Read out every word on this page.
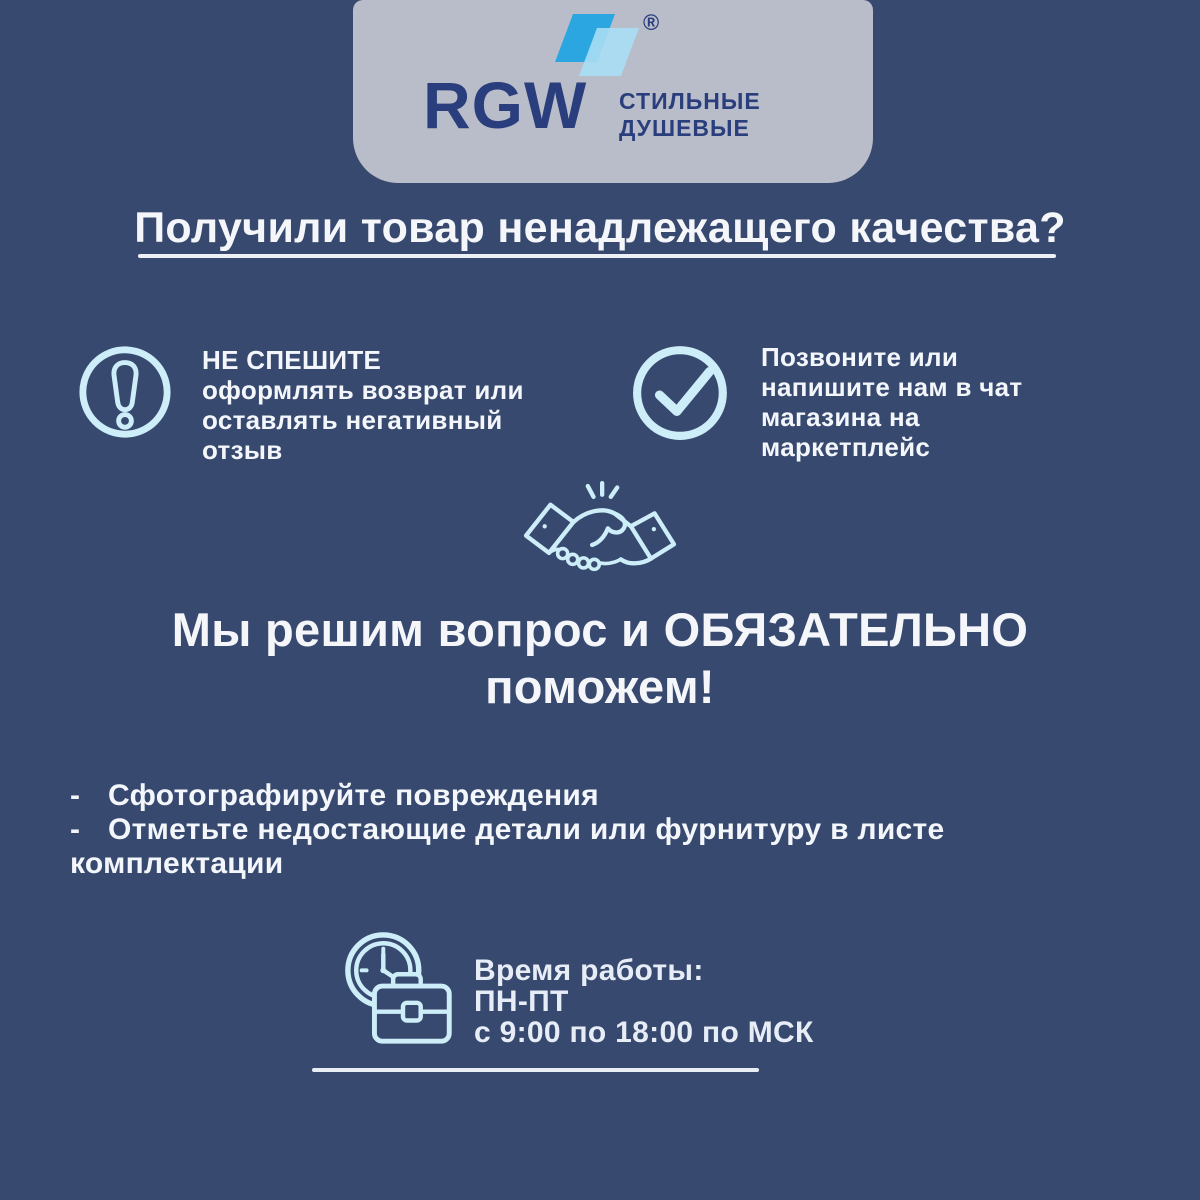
®
RGW СТИЛЬНЫЕ
ДУШЕВЫЕ
Получили товар ненадлежащего качества?
НЕ СПЕШИТЕ
оформлять возврат или
оставлять негативный
отзыв
Позвоните или
напишите нам в чат
магазина на
маркетплейс
Мы решим вопрос и ОБЯЗАТЕЛЬНО
поможем!
- Сфотографируйте повреждения
- Отметьте недостающие детали или фурнитуру в листе
комплектации
Время работы:
ПН-ПТ
с 9:00 по 18:00 по МСК
